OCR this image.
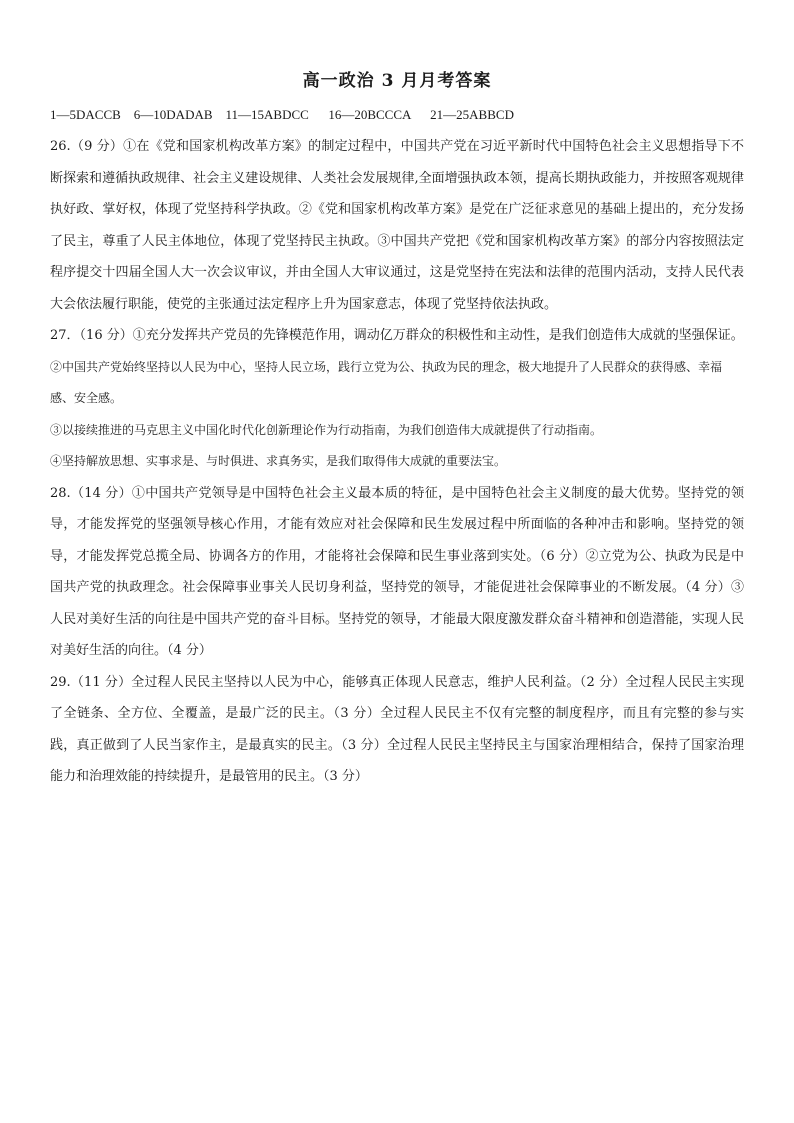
高一政治 3 月月考答案
1—5DACCB    6—10DADAB    11—15ABDCC      16—20BCCCA      21—25ABBCD

26.（9 分）①在《党和国家机构改革方案》的制定过程中，中国共产党在习近平新时代中国特色社会主义思想指导下不断探索和遵循执政规律、社会主义建设规律、人类社会发展规律,全面增强执政本领，提高长期执政能力，并按照客观规律执好政、掌好权，体现了党坚持科学执政。②《党和国家机构改革方案》是党在广泛征求意见的基础上提出的，充分发扬了民主，尊重了人民主体地位，体现了党坚持民主执政。③中国共产党把《党和国家机构改革方案》的部分内容按照法定程序提交十四届全国人大一次会议审议，并由全国人大审议通过，这是党坚持在宪法和法律的范围内活动，支持人民代表大会依法履行职能，使党的主张通过法定程序上升为国家意志，体现了党坚持依法执政。

27．（16 分）①充分发挥共产党员的先锋模范作用，调动亿万群众的积极性和主动性，是我们创造伟大成就的坚强保证。

②中国共产党始终坚持以人民为中心，坚持人民立场，践行立党为公、执政为民的理念，极大地提升了人民群众的获得感、幸福感、安全感。

③以接续推进的马克思主义中国化时代化创新理论作为行动指南，为我们创造伟大成就提供了行动指南。

④坚持解放思想、实事求是、与时俱进、求真务实，是我们取得伟大成就的重要法宝。

28.（14 分）①中国共产党领导是中国特色社会主义最本质的特征，是中国特色社会主义制度的最大优势。坚持党的领导，才能发挥党的坚强领导核心作用，才能有效应对社会保障和民生发展过程中所面临的各种冲击和影响。坚持党的领导，才能发挥党总揽全局、协调各方的作用，才能将社会保障和民生事业落到实处。（6 分）②立党为公、执政为民是中国共产党的执政理念。社会保障事业事关人民切身利益，坚持党的领导，才能促进社会保障事业的不断发展。（4 分）③人民对美好生活的向往是中国共产党的奋斗目标。坚持党的领导，才能最大限度激发群众奋斗精神和创造潜能，实现人民对美好生活的向往。（4 分）

29.（11 分）全过程人民民主坚持以人民为中心，能够真正体现人民意志，维护人民利益。（2 分）全过程人民民主实现了全链条、全方位、全覆盖，是最广泛的民主。（3 分）全过程人民民主不仅有完整的制度程序，而且有完整的参与实践，真正做到了人民当家作主，是最真实的民主。（3 分）全过程人民民主坚持民主与国家治理相结合，保持了国家治理能力和治理效能的持续提升，是最管用的民主。（3 分）
